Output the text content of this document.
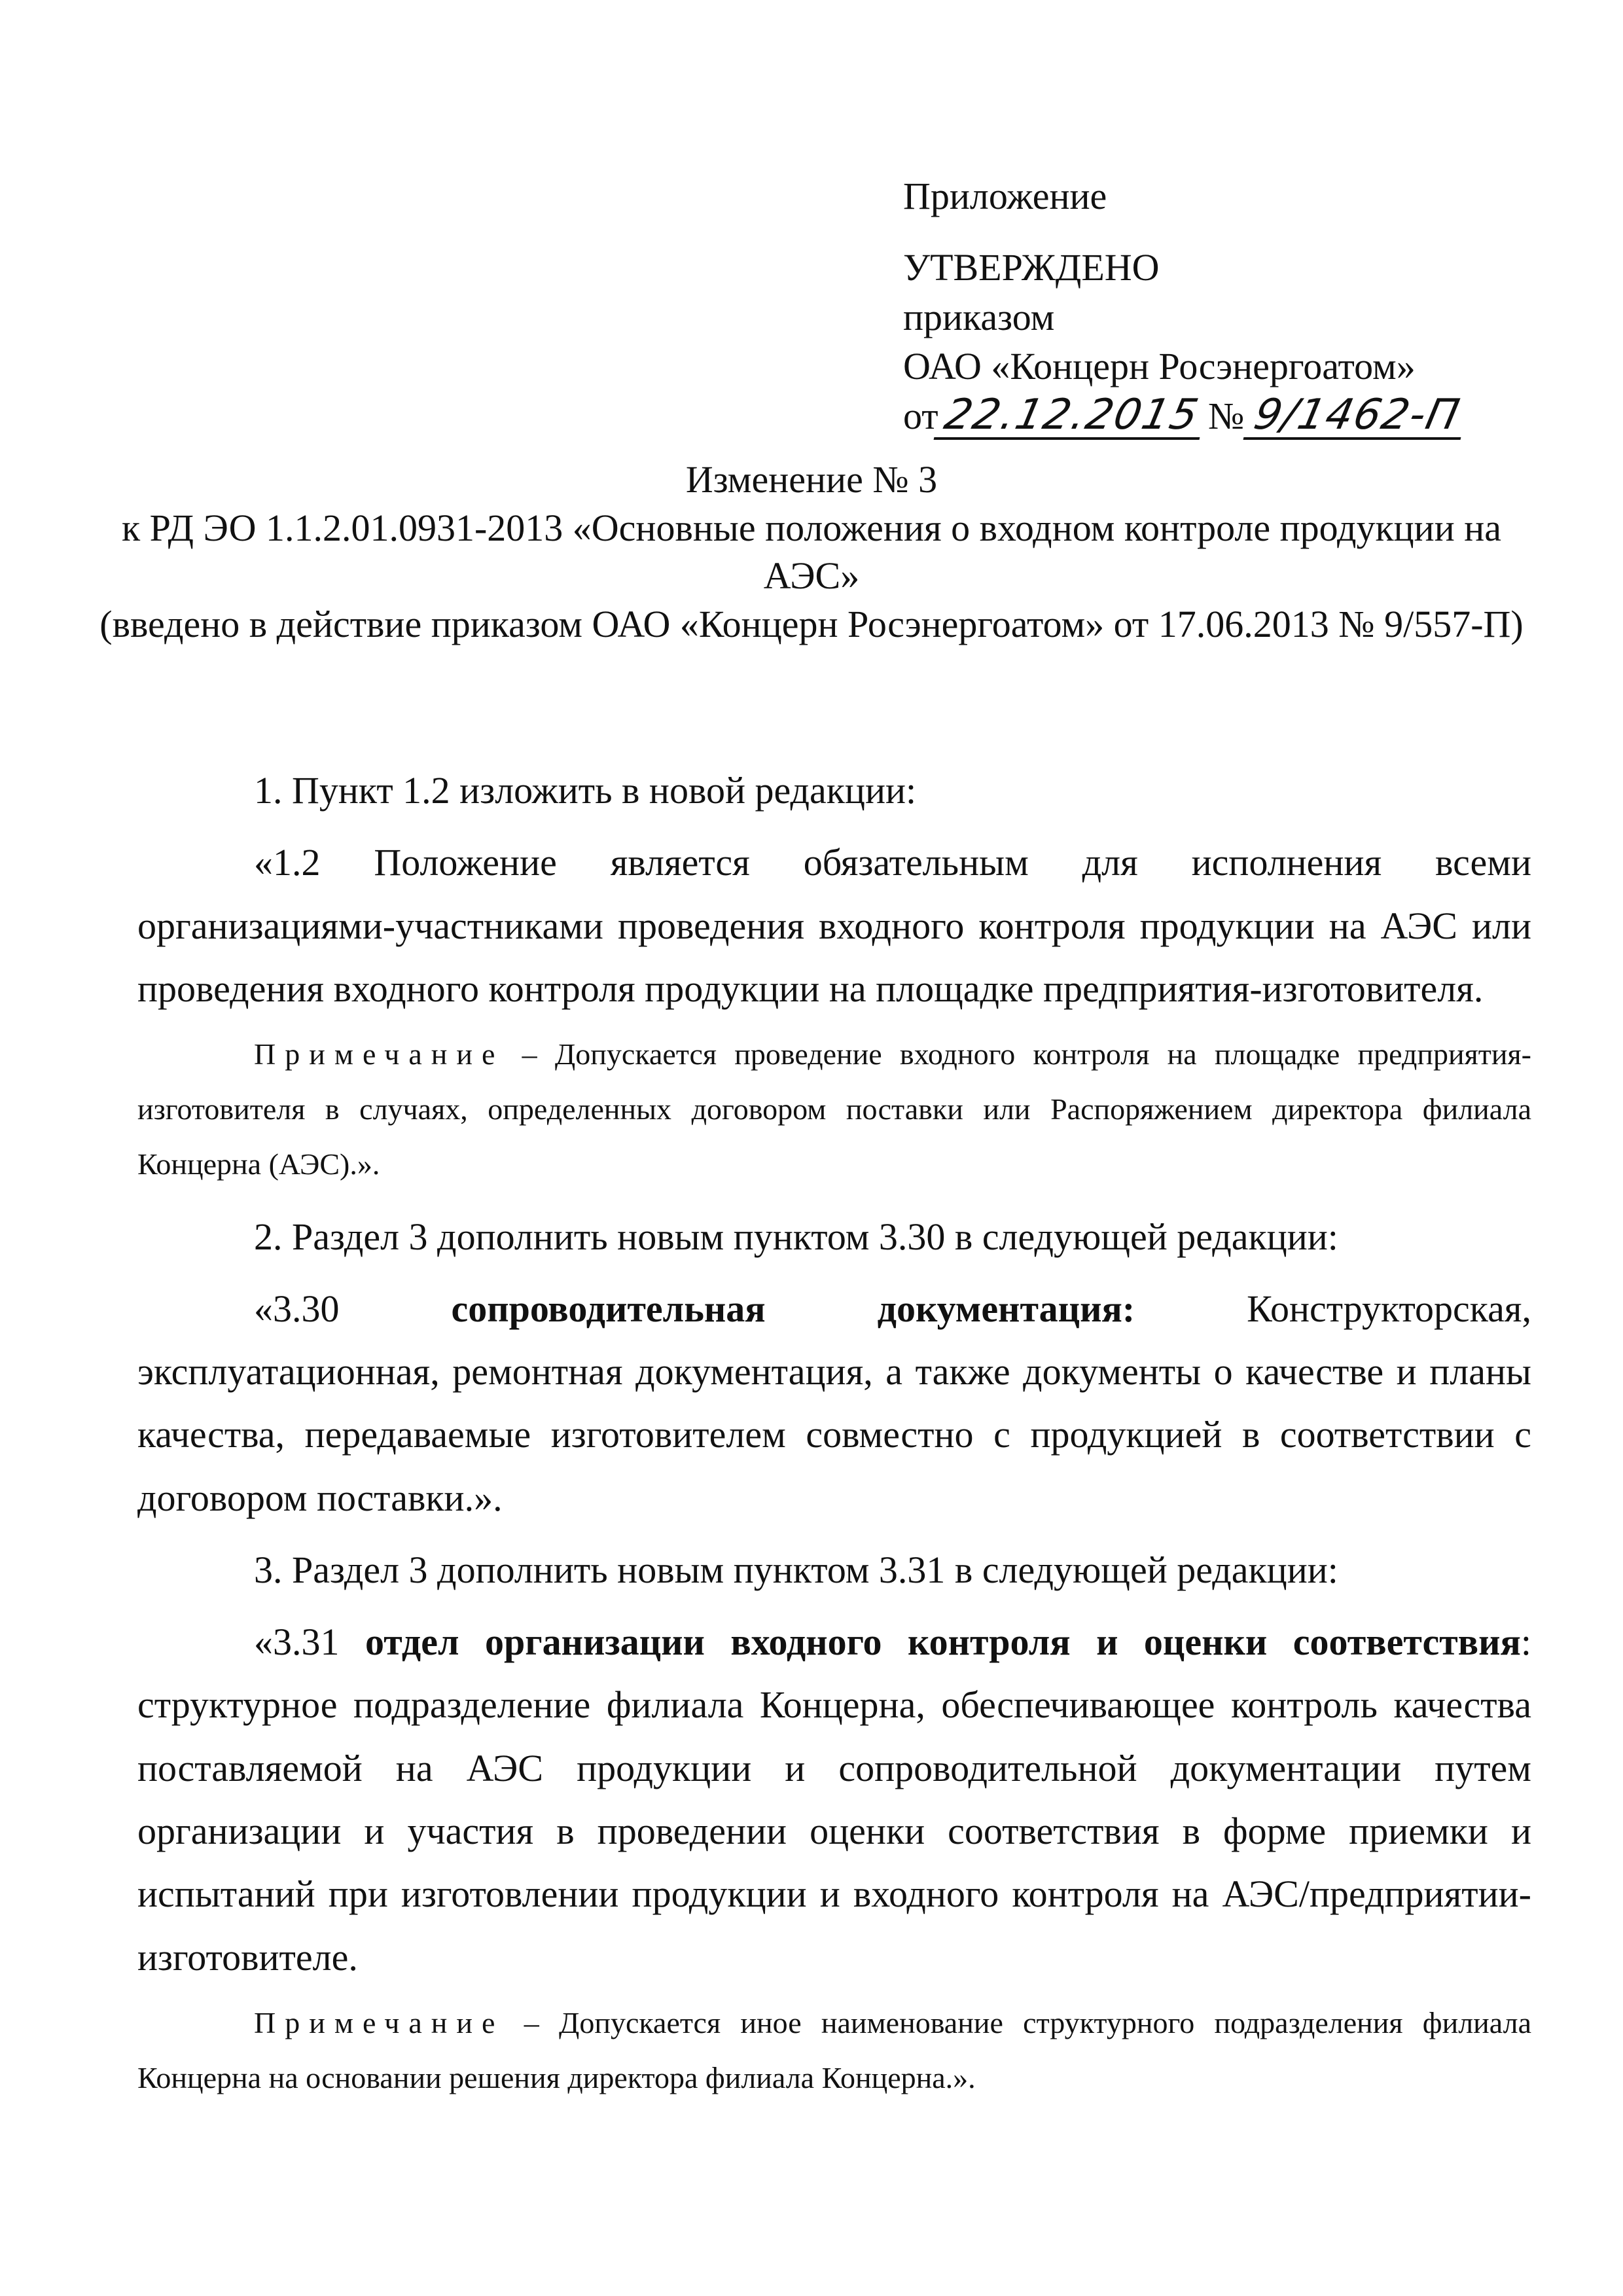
Приложение
УТВЕРЖДЕНО
приказом
ОАО «Концерн Росэнергоатом»
от22.12.2015 № 9/1462-П
Изменение № 3
к РД ЭО 1.1.2.01.0931-2013 «Основные положения о входном контроле продукции на АЭС»
(введено в действие приказом ОАО «Концерн Росэнергоатом» от 17.06.2013 № 9/557-П)

1. Пункт 1.2 изложить в новой редакции:

«1.2 Положение является обязательным для исполнения всеми организациями-участниками проведения входного контроля продукции на АЭС или проведения входного контроля продукции на площадке предприятия-изготовителя.

Примечание – Допускается проведение входного контроля на площадке предприятия-изготовителя в случаях, определенных договором поставки или Распоряжением директора филиала Концерна (АЭС).».

2. Раздел 3 дополнить новым пунктом 3.30 в следующей редакции:

«3.30 сопроводительная документация: Конструкторская, эксплуатационная, ремонтная документация, а также документы о качестве и планы качества, передаваемые изготовителем совместно с продукцией в соответствии с договором поставки.».

3. Раздел 3 дополнить новым пунктом 3.31 в следующей редакции:

«3.31 отдел организации входного контроля и оценки соответствия: структурное подразделение филиала Концерна, обеспечивающее контроль качества поставляемой на АЭС продукции и сопроводительной документации путем организации и участия в проведении оценки соответствия в форме приемки и испытаний при изготовлении продукции и входного контроля на АЭС/предприятии-изготовителе.

Примечание – Допускается иное наименование структурного подразделения филиала Концерна на основании решения директора филиала Концерна.».
